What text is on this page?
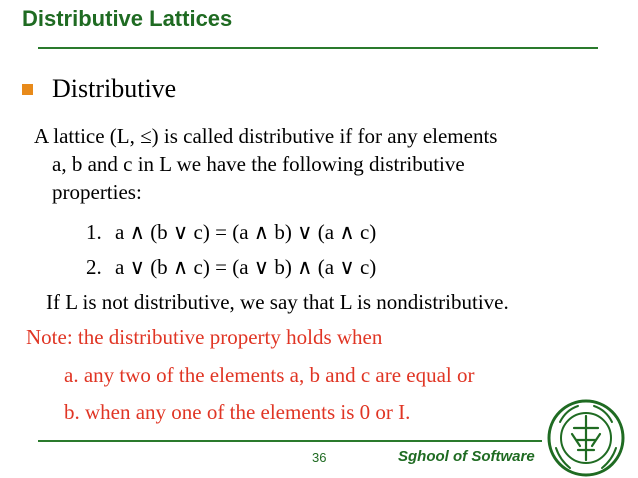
Distributive Lattices
Distributive
A lattice (L, ≤) is called distributive if for any elements
a, b and c in L we have the following distributive
properties:
1. a ∧ (b ∨ c) = (a ∧ b) ∨ (a ∧ c)
2. a ∨ (b ∧ c) = (a ∨ b) ∧ (a ∨ c)
If L is not distributive, we say that L is nondistributive.
Note: the distributive property holds when
a. any two of the elements a, b and c are equal or
b. when any one of the elements is 0 or I.
36	Sghool of Software
